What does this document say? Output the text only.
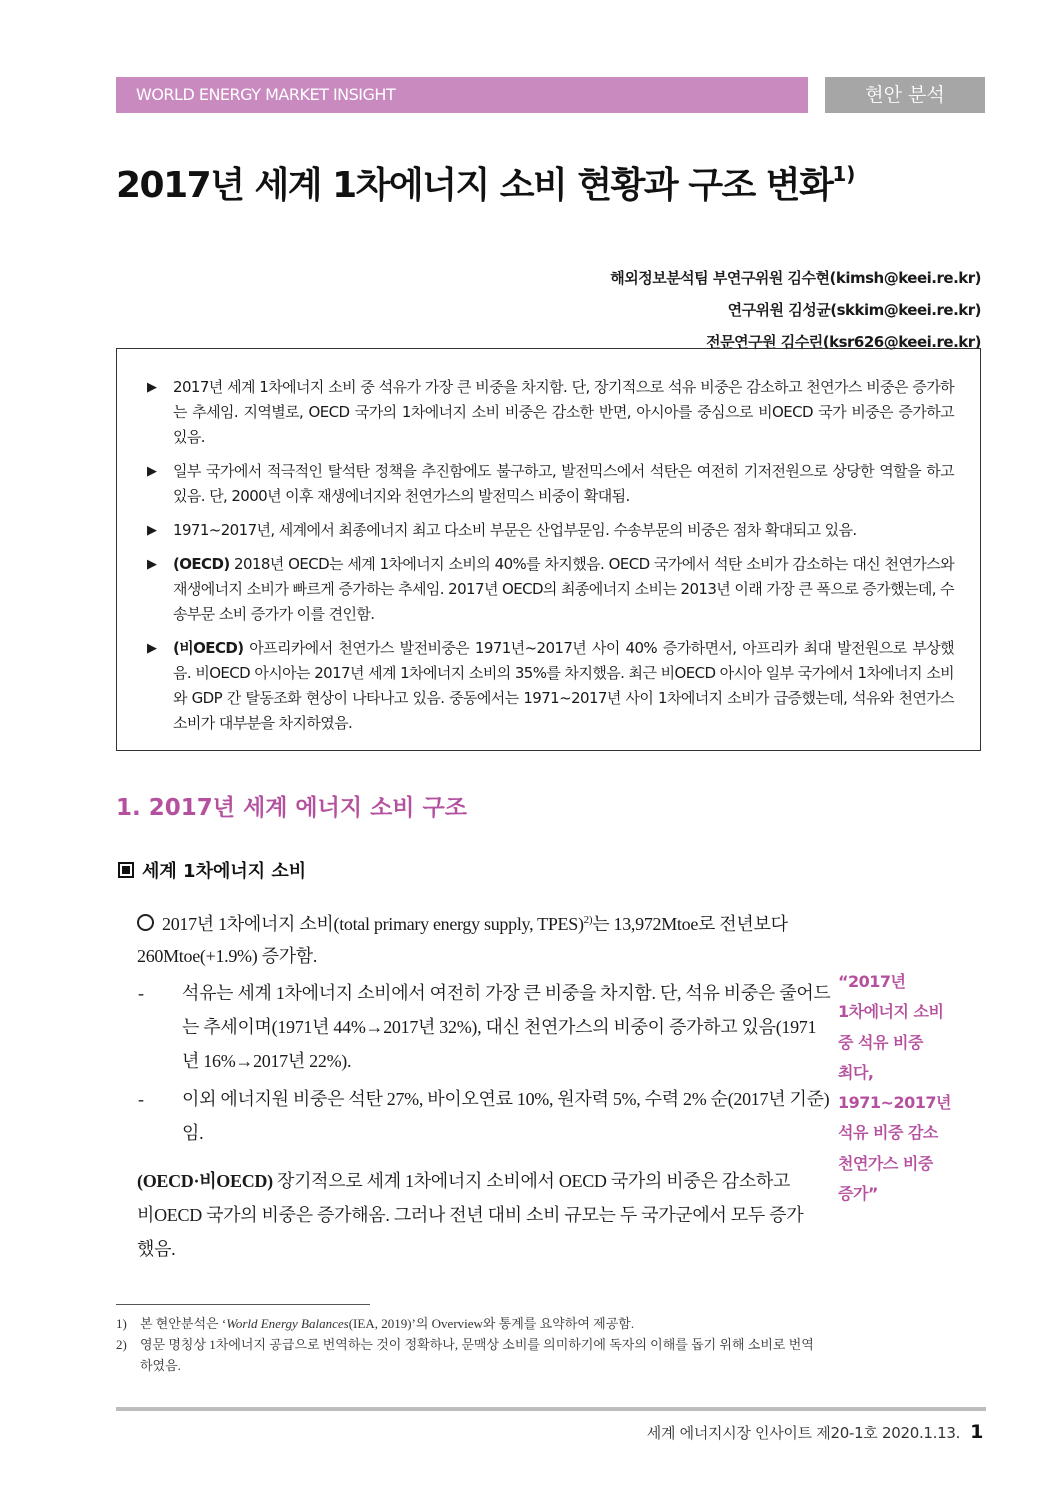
WORLD ENERGY MARKET INSIGHT	현안 분석
2017년 세계 1차에너지 소비 현황과 구조 변화$^{1)}$
해외정보분석팀 부연구위원 김수현(kimsh@keei.re.kr)
연구위원 김성균(skkim@keei.re.kr)
전문연구원 김수린(ksr626@keei.re.kr)
▶ 2017년 세계 1차에너지 소비 중 석유가 가장 큰 비중을 차지함. 단, 장기적으로 석유 비중은 감소하고 천연가스 비중은 증가하는 추세임. 지역별로, OECD 국가의 1차에너지 소비 비중은 감소한 반면, 아시아를 중심으로 비OECD 국가 비중은 증가하고 있음.
▶ 일부 국가에서 적극적인 탈석탄 정책을 추진함에도 불구하고, 발전믹스에서 석탄은 여전히 기저전원으로 상당한 역할을 하고 있음. 단, 2000년 이후 재생에너지와 천연가스의 발전믹스 비중이 확대됨.
▶ 1971~2017년, 세계에서 최종에너지 최고 다소비 부문은 산업부문임. 수송부문의 비중은 점차 확대되고 있음.
▶ (OECD) 2018년 OECD는 세계 1차에너지 소비의 40%를 차지했음. OECD 국가에서 석탄 소비가 감소하는 대신 천연가스와 재생에너지 소비가 빠르게 증가하는 추세임. 2017년 OECD의 최종에너지 소비는 2013년 이래 가장 큰 폭으로 증가했는데, 수송부문 소비 증가가 이를 견인함.
▶ (비OECD) 아프리카에서 천연가스 발전비중은 1971년~2017년 사이 40% 증가하면서, 아프리카 최대 발전원으로 부상했음. 비OECD 아시아는 2017년 세계 1차에너지 소비의 35%를 차지했음. 최근 비OECD 아시아 일부 국가에서 1차에너지 소비와 GDP 간 탈동조화 현상이 나타나고 있음. 중동에서는 1971~2017년 사이 1차에너지 소비가 급증했는데, 석유와 천연가스 소비가 대부분을 차지하였음.
1. 2017년 세계 에너지 소비 구조
세계 1차에너지 소비
2017년 1차에너지 소비(total primary energy supply, TPES)$^{2)}$는 13,972Mtoe로 전년보다 260Mtoe(+1.9%) 증가함.
- 석유는 세계 1차에너지 소비에서 여전히 가장 큰 비중을 차지함. 단, 석유 비중은 줄어드는 추세이며(1971년 44%→2017년 32%), 대신 천연가스의 비중이 증가하고 있음(1971년 16%→2017년 22%).
- 이외 에너지원 비중은 석탄 27%, 바이오연료 10%, 원자력 5%, 수력 2% 순(2017년 기준)임.
(OECD·비OECD) 장기적으로 세계 1차에너지 소비에서 OECD 국가의 비중은 감소하고 비OECD 국가의 비중은 증가해옴. 그러나 전년 대비 소비 규모는 두 국가군에서 모두 증가했음.
“2017년
1차에너지 소비
중 석유 비중
최다,
1971~2017년
석유 비중 감소
천연가스 비중
증가”
1) 본 현안분석은 ‘World Energy Balances(IEA, 2019)’의 Overview와 통계를 요약하여 제공함.
2) 영문 명칭상 1차에너지 공급으로 번역하는 것이 정확하나, 문맥상 소비를 의미하기에 독자의 이해를 돕기 위해 소비로 번역하였음.
세계 에너지시장 인사이트 제20-1호 2020.1.13. 1
